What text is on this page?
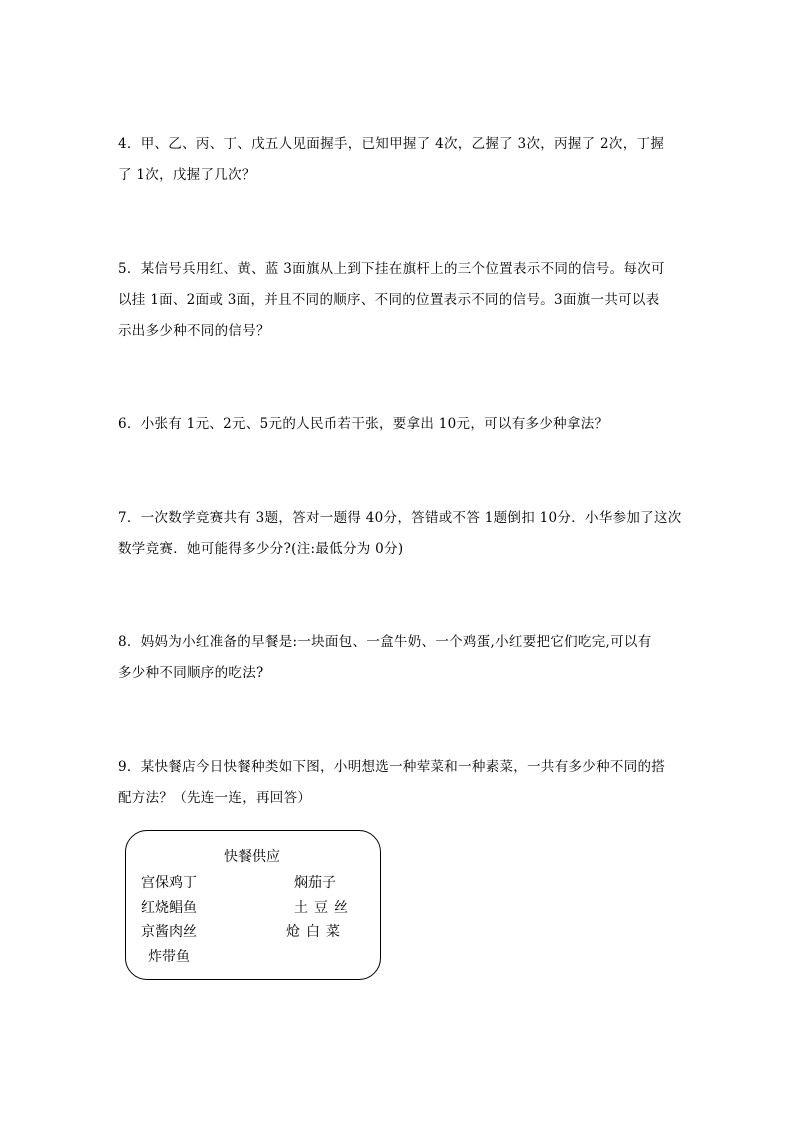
4．甲、乙、丙、丁、戊五人见面握手，已知甲握了 4次，乙握了 3次，丙握了 2次，丁握
了 1次，戊握了几次？
5．某信号兵用红、黄、蓝 3面旗从上到下挂在旗杆上的三个位置表示不同的信号。每次可
以挂 1面、2面或 3面，并且不同的顺序、不同的位置表示不同的信号。3面旗一共可以表
示出多少种不同的信号？
6．小张有 1元、2元、5元的人民币若干张，要拿出 10元，可以有多少种拿法？
7．一次数学竞赛共有 3题，答对一题得 40分，答错或不答 1题倒扣 10分．小华参加了这次
数学竞赛．她可能得多少分?(注:最低分为 0分)
8．妈妈为小红准备的早餐是:一块面包、一盒牛奶、一个鸡蛋,小红要把它们吃完,可以有
多少种不同顺序的吃法?
9．某快餐店今日快餐种类如下图，小明想选一种荤菜和一种素菜，一共有多少种不同的搭
配方法？（先连一连，再回答）
快餐供应
宫保鸡丁
红烧鲳鱼
京酱肉丝
炸带鱼
焖茄子
土豆丝
炝白菜
